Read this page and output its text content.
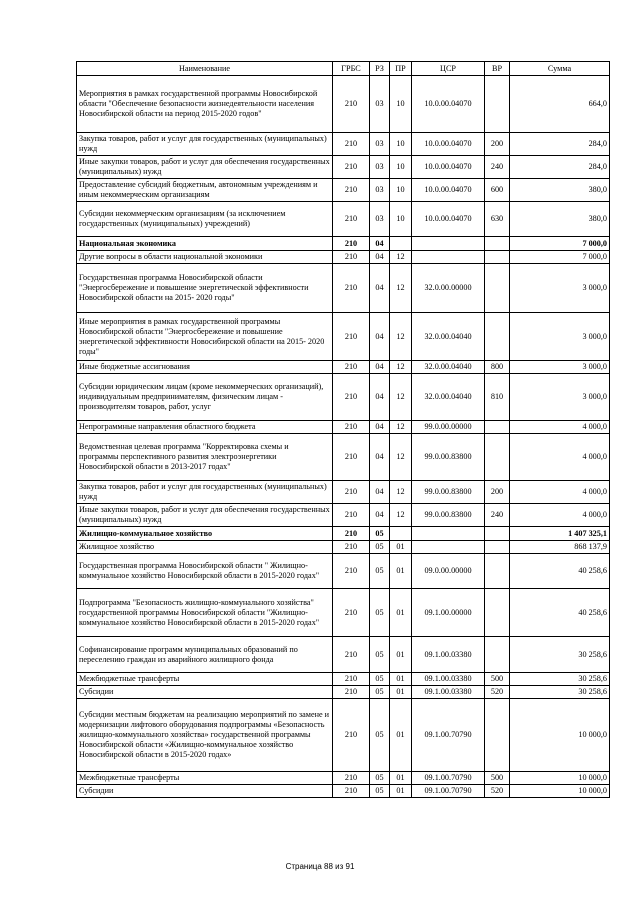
Наименование	ГРБС	РЗ	ПР	ЦСР	ВР	Сумма
Мероприятия в рамках государственной программы Новосибирской области "Обеспечение безопасности жизнедеятельности населения Новосибирской области на период 2015-2020 годов"	210	03	10	10.0.00.04070		664,0
Закупка товаров, работ и услуг для государственных (муниципальных) нужд	210	03	10	10.0.00.04070	200	284,0
Иные закупки товаров, работ и услуг для обеспечения государственных (муниципальных) нужд	210	03	10	10.0.00.04070	240	284,0
Предоставление субсидий бюджетным, автономным учреждениям и иным некоммерческим организациям	210	03	10	10.0.00.04070	600	380,0
Субсидии некоммерческим организациям (за исключением государственных (муниципальных) учреждений)	210	03	10	10.0.00.04070	630	380,0
Национальная экономика	210	04				7 000,0
Другие вопросы в области национальной экономики	210	04	12			7 000,0
Государственная программа Новосибирской области "Энергосбережение и повышение энергетической эффективности Новосибирской области на 2015- 2020 годы"	210	04	12	32.0.00.00000		3 000,0
Иные мероприятия в рамках государственной программы Новосибирской области "Энергосбережение и повышение энергетической эффективности Новосибирской области на 2015- 2020 годы"	210	04	12	32.0.00.04040		3 000,0
Иные бюджетные ассигнования	210	04	12	32.0.00.04040	800	3 000,0
Субсидии юридическим лицам (кроме некоммерческих организаций), индивидуальным предпринимателям, физическим лицам - производителям товаров, работ, услуг	210	04	12	32.0.00.04040	810	3 000,0
Непрограммные направления областного бюджета	210	04	12	99.0.00.00000		4 000,0
Ведомственная целевая программа "Корректировка схемы и программы перспективного развития электроэнергетики Новосибирской области в 2013-2017 годах"	210	04	12	99.0.00.83800		4 000,0
Закупка товаров, работ и услуг для государственных (муниципальных) нужд	210	04	12	99.0.00.83800	200	4 000,0
Иные закупки товаров, работ и услуг для обеспечения государственных (муниципальных) нужд	210	04	12	99.0.00.83800	240	4 000,0
Жилищно-коммунальное хозяйство	210	05				1 407 325,1
Жилищное хозяйство	210	05	01			868 137,9
Государственная программа Новосибирской области " Жилищно-коммунальное хозяйство Новосибирской области в 2015-2020 годах"	210	05	01	09.0.00.00000		40 258,6
Подпрограмма "Безопасность жилищно-коммунального хозяйства" государственной программы Новосибирской области "Жилищно-коммунальное хозяйство Новосибирской области в 2015-2020 годах"	210	05	01	09.1.00.00000		40 258,6
Софинансирование программ муниципальных образований по переселению граждан из аварийного жилищного фонда	210	05	01	09.1.00.03380		30 258,6
Межбюджетные трансферты	210	05	01	09.1.00.03380	500	30 258,6
Субсидии	210	05	01	09.1.00.03380	520	30 258,6
Субсидии местным бюджетам на реализацию мероприятий по замене и модернизации лифтового оборудования подпрограммы «Безопасность жилищно-коммунального хозяйства» государственной программы Новосибирской области «Жилищно-коммунальное хозяйство Новосибирской области в 2015-2020 годах»	210	05	01	09.1.00.70790		10 000,0
Межбюджетные трансферты	210	05	01	09.1.00.70790	500	10 000,0
Субсидии	210	05	01	09.1.00.70790	520	10 000,0
Страница 88 из 91
